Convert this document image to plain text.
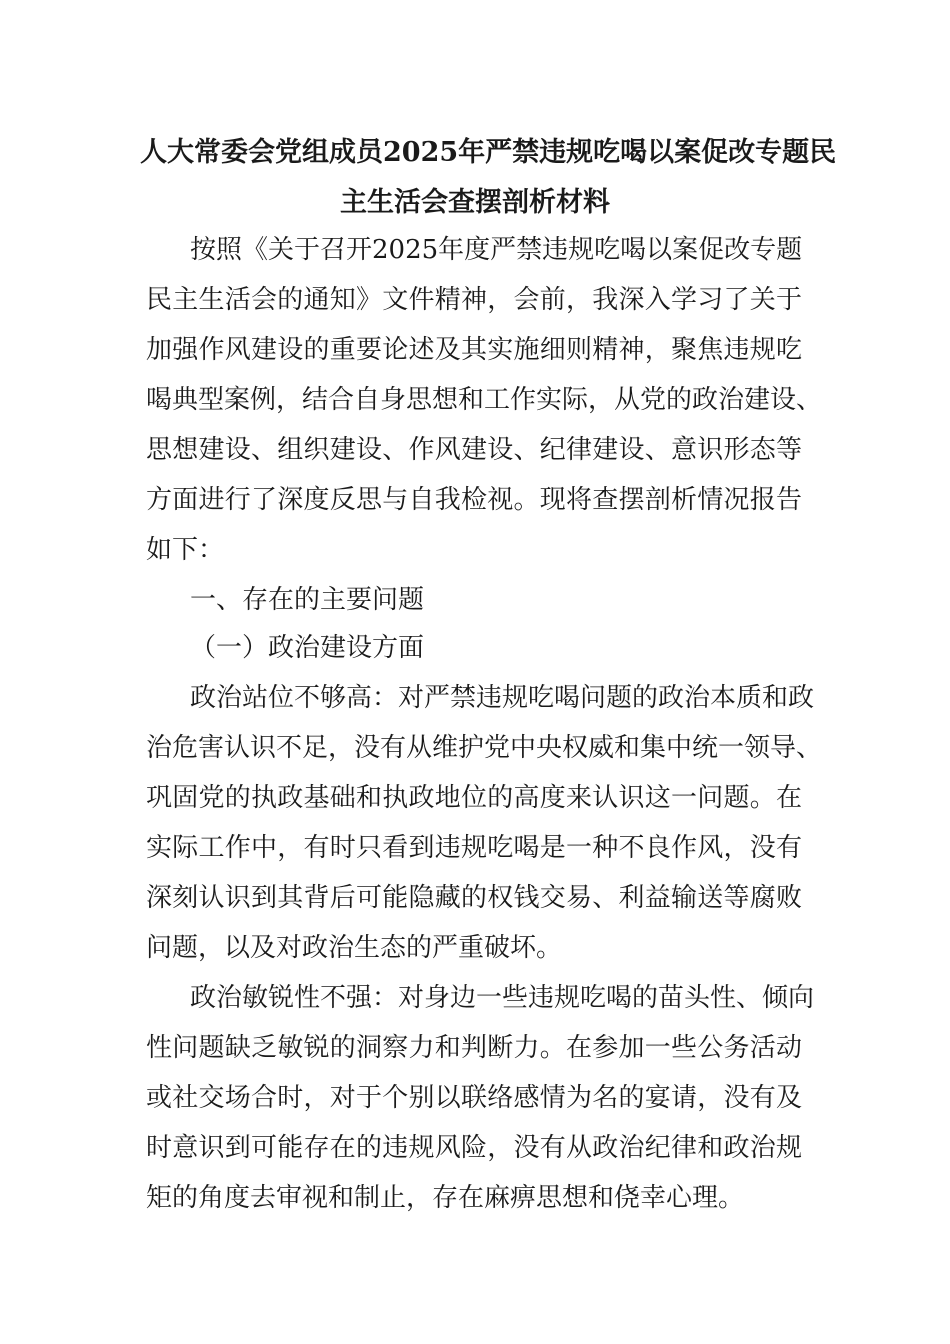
人大常委会党组成员2025年严禁违规吃喝以案促改专题民
主生活会查摆剖析材料

按照《关于召开2025年度严禁违规吃喝以案促改专题

民主生活会的通知》文件精神，会前，我深入学习了关于

加强作风建设的重要论述及其实施细则精神，聚焦违规吃

喝典型案例，结合自身思想和工作实际，从党的政治建设、

思想建设、组织建设、作风建设、纪律建设、意识形态等

方面进行了深度反思与自我检视。现将查摆剖析情况报告

如下：

一、存在的主要问题
（一）政治建设方面

政治站位不够高：对严禁违规吃喝问题的政治本质和政

治危害认识不足，没有从维护党中央权威和集中统一领导、

巩固党的执政基础和执政地位的高度来认识这一问题。在

实际工作中，有时只看到违规吃喝是一种不良作风，没有

深刻认识到其背后可能隐藏的权钱交易、利益输送等腐败

问题，以及对政治生态的严重破坏。

政治敏锐性不强：对身边一些违规吃喝的苗头性、倾向

性问题缺乏敏锐的洞察力和判断力。在参加一些公务活动

或社交场合时，对于个别以联络感情为名的宴请，没有及

时意识到可能存在的违规风险，没有从政治纪律和政治规

矩的角度去审视和制止，存在麻痹思想和侥幸心理。
